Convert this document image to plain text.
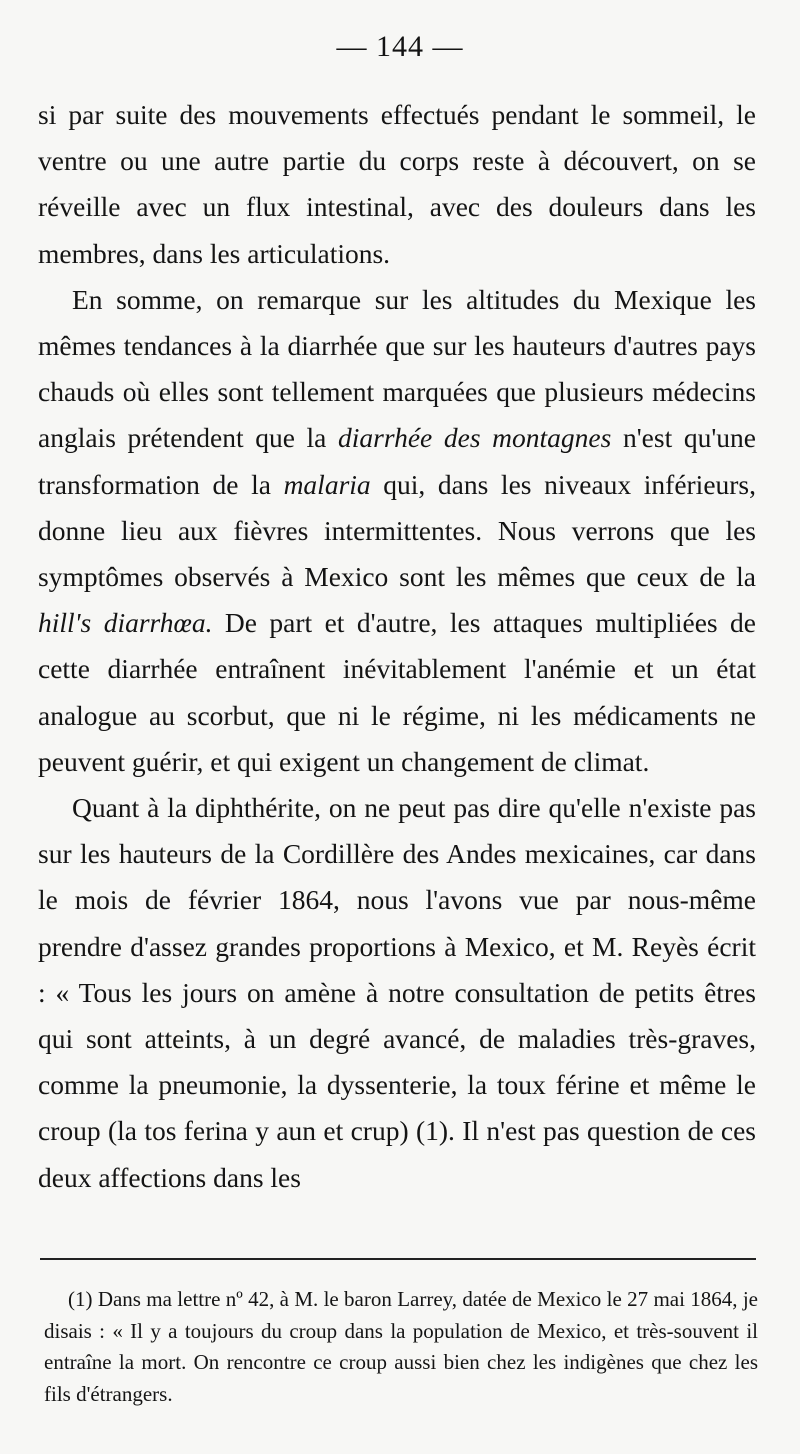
— 144 —

si par suite des mouvements effectués pendant le sommeil, le ventre ou une autre partie du corps reste à découvert, on se réveille avec un flux intestinal, avec des douleurs dans les membres, dans les articulations.

En somme, on remarque sur les altitudes du Mexique les mêmes tendances à la diarrhée que sur les hauteurs d'autres pays chauds où elles sont tellement marquées que plusieurs médecins anglais prétendent que la diarrhée des montagnes n'est qu'une transformation de la malaria qui, dans les niveaux inférieurs, donne lieu aux fièvres intermittentes. Nous verrons que les symptômes observés à Mexico sont les mêmes que ceux de la hill's diarrhœa. De part et d'autre, les attaques multipliées de cette diarrhée entraînent inévitablement l'anémie et un état analogue au scorbut, que ni le régime, ni les médicaments ne peuvent guérir, et qui exigent un changement de climat.

Quant à la diphthérite, on ne peut pas dire qu'elle n'existe pas sur les hauteurs de la Cordillère des Andes mexicaines, car dans le mois de février 1864, nous l'avons vue par nous-même prendre d'assez grandes proportions à Mexico, et M. Reyès écrit : « Tous les jours on amène à notre consultation de petits êtres qui sont atteints, à un degré avancé, de maladies très-graves, comme la pneumonie, la dyssenterie, la toux férine et même le croup (la tos ferina y aun et crup) (1). Il n'est pas question de ces deux affections dans les

(1) Dans ma lettre nº 42, à M. le baron Larrey, datée de Mexico le 27 mai 1864, je disais : « Il y a toujours du croup dans la population de Mexico, et très-souvent il entraîne la mort. On rencontre ce croup aussi bien chez les indigènes que chez les fils d'étrangers.
